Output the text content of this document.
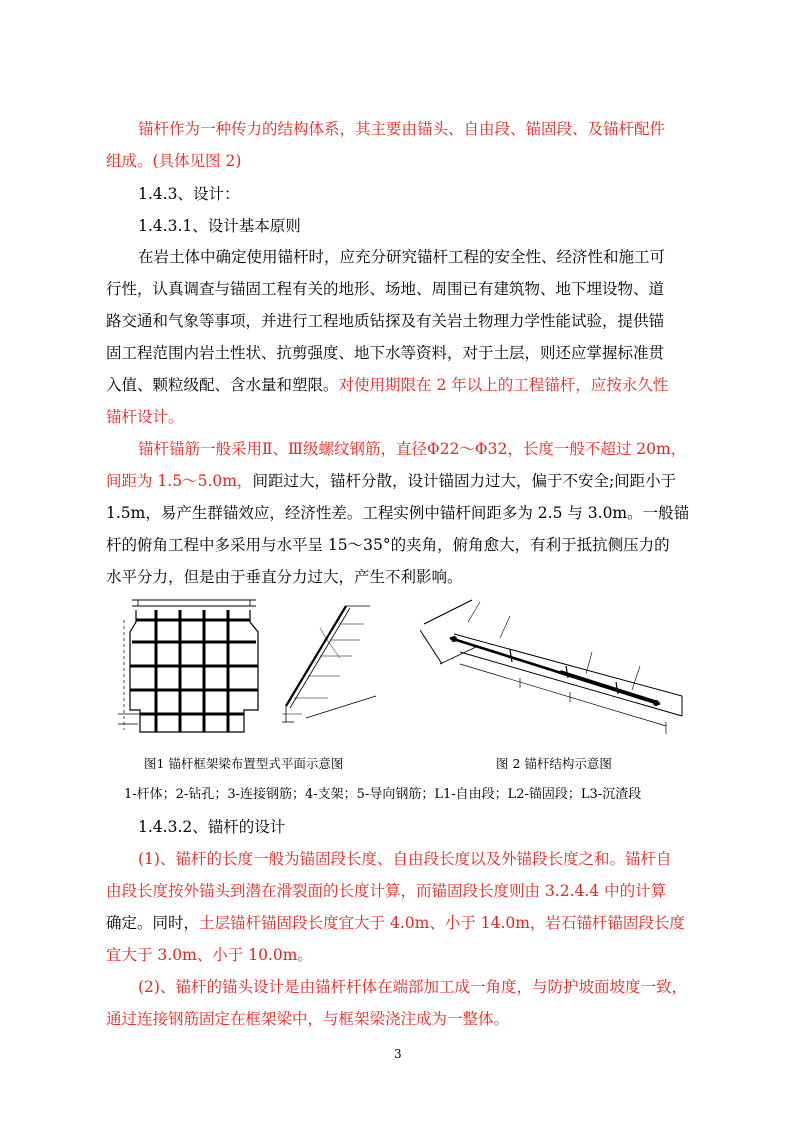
锚杆作为一种传力的结构体系，其主要由锚头、自由段、锚固段、及锚杆配件
组成。(具体见图 2)
1.4.3、设计：
1.4.3.1、设计基本原则
在岩土体中确定使用锚杆时，应充分研究锚杆工程的安全性、经济性和施工可
行性，认真调查与锚固工程有关的地形、场地、周围已有建筑物、地下埋设物、道
路交通和气象等事项，并进行工程地质钻探及有关岩土物理力学性能试验，提供锚
固工程范围内岩土性状、抗剪强度、地下水等资料，对于土层，则还应掌握标准贯
入值、颗粒级配、含水量和塑限。对使用期限在 2 年以上的工程锚杆，应按永久性
锚杆设计。
锚杆锚筋一般采用Ⅱ、Ⅲ级螺纹钢筋，直径Φ22～Φ32，长度一般不超过 20m，
间距为 1.5～5.0m，间距过大，锚杆分散，设计锚固力过大，偏于不安全;间距小于
1.5m，易产生群锚效应，经济性差。工程实例中锚杆间距多为 2.5 与 3.0m。一般锚
杆的俯角工程中多采用与水平呈 15～35°的夹角，俯角愈大，有利于抵抗侧压力的
水平分力，但是由于垂直分力过大，产生不利影响。
图1 锚杆框架梁布置型式平面示意图	图 2 锚杆结构示意图
1-杆体；2-钻孔；3-连接钢筋；4-支架；5-导向钢筋；L1-自由段；L2-锚固段；L3-沉渣段
1.4.3.2、锚杆的设计
(1)、锚杆的长度一般为锚固段长度、自由段长度以及外锚段长度之和。锚杆自
由段长度按外锚头到潜在滑裂面的长度计算，而锚固段长度则由 3.2.4.4 中的计算
确定。同时，土层锚杆锚固段长度宜大于 4.0m、小于 14.0m，岩石锚杆锚固段长度
宜大于 3.0m、小于 10.0m。
(2)、锚杆的锚头设计是由锚杆杆体在端部加工成一角度，与防护坡面坡度一致，
通过连接钢筋固定在框架梁中，与框架梁浇注成为一整体。
3
